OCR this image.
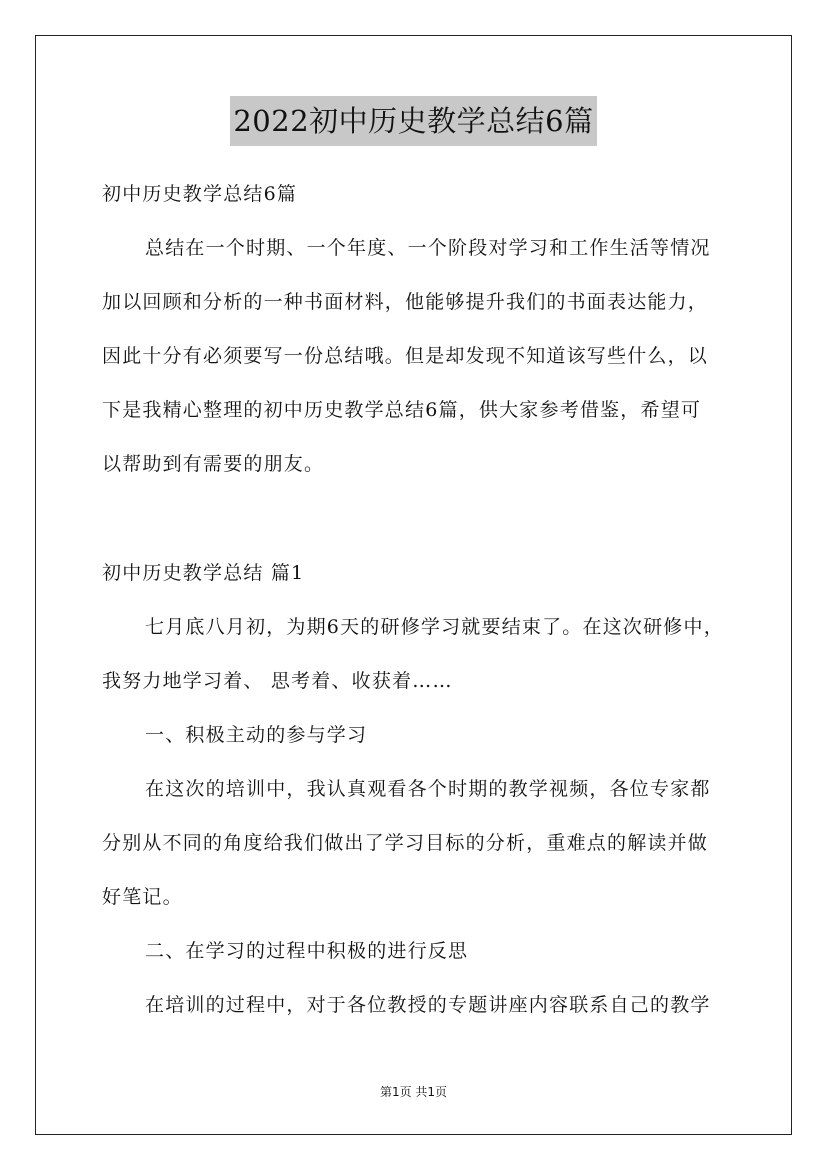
2022初中历史教学总结6篇
初中历史教学总结6篇
总结在一个时期、一个年度、一个阶段对学习和工作生活等情况
加以回顾和分析的一种书面材料，他能够提升我们的书面表达能力，
因此十分有必须要写一份总结哦。但是却发现不知道该写些什么，以
下是我精心整理的初中历史教学总结6篇，供大家参考借鉴，希望可
以帮助到有需要的朋友。
初中历史教学总结 篇1
七月底八月初，为期6天的研修学习就要结束了。在这次研修中，
我努力地学习着、 思考着、收获着……
一、积极主动的参与学习
在这次的培训中，我认真观看各个时期的教学视频，各位专家都
分别从不同的角度给我们做出了学习目标的分析，重难点的解读并做
好笔记。
二、在学习的过程中积极的进行反思
在培训的过程中，对于各位教授的专题讲座内容联系自己的教学
第1页 共1页
